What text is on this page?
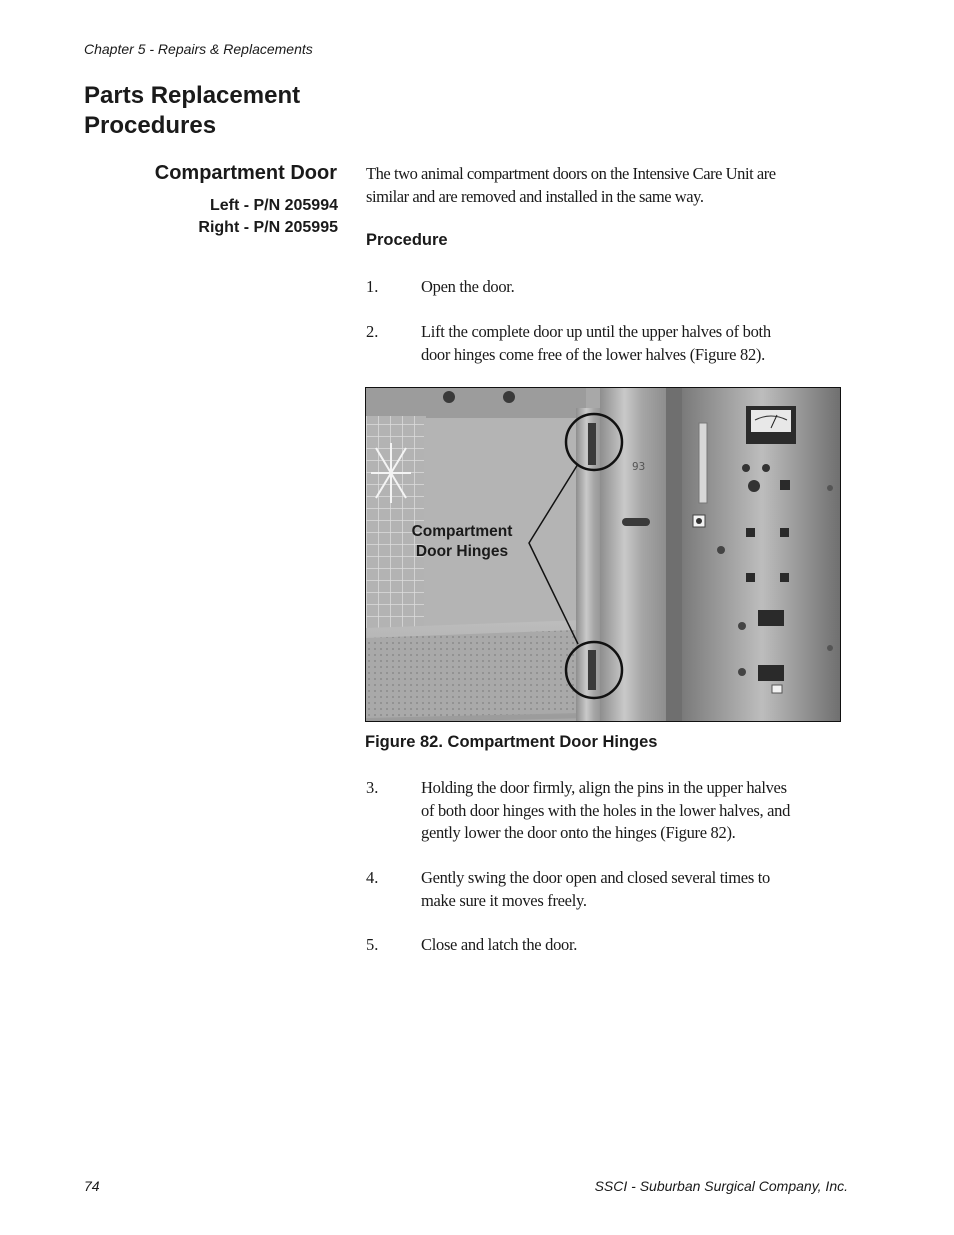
Chapter 5 - Repairs & Replacements
Parts Replacement
Procedures
Compartment Door
Left - P/N 205994
Right - P/N 205995
The two animal compartment doors on the Intensive Care Unit are
similar and are removed and installed in the same way.
Procedure
1.	Open the door.
2.	Lift the complete door up until the upper halves of both
door hinges come free of the lower halves (Figure 82).
93
Compartment
Door Hinges
Figure 82. Compartment Door Hinges
3.	Holding the door firmly, align the pins in the upper halves
of both door hinges with the holes in the lower halves, and
gently lower the door onto the hinges (Figure 82).
4.	Gently swing the door open and closed several times to
make sure it moves freely.
5.	Close and latch the door.
74	SSCI - Suburban Surgical Company, Inc.
